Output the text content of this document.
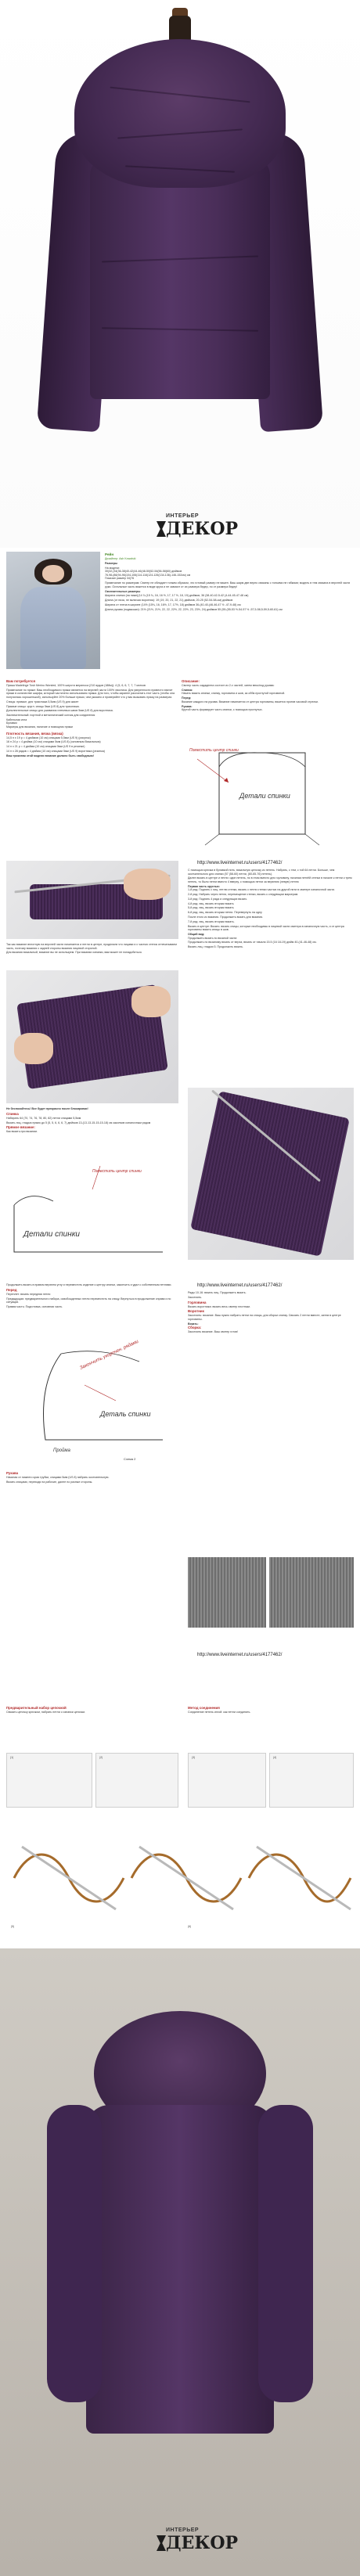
ИНТЕРЬЕР
ДЕКОР
Рейн
Дизайнер: Ash Kowalski
Размеры
На модели:
30(32,(34(36-38(40-42(44-46(48-50(52-54(56-58(60) дюймов
76,98-(86(94-96(104-106(114-116(124-126(134-136)-146-152см) см
Показан размер 34(76
Примечание по размерам: Свитер не обладает тонким образом, что готовый размер не важен. Ваш шарм две верно связаны с тонкими не гибкими; модель в тем связана в верхней части руки. Остальные часть вяжется в виде круга и не зависит от их размера бедер, но от размера бедер!
Окончательные размеры
Ширина спинки (на ниже)(14 ¾ (15 ¾, 16, 16 ½, 17, 17 ½, 18, 19) дюймов, 36 (38-40-42-5-42 (4-44-45-47-48 см)
Длина (от низа, не включая воротник): 19 (19, 20, 21, 22, 21) дюймов, 20-25 (52-54-58-см) дюймов
Ширина от плеча в ширине (14½ (15¾, 16, 16½, 17, 17½, 18) дюймов 36-(40-40-(46-46-47 ½ -47-9-48) см
Длина рукава (подмышки): 21½ (21½, 21½, 22, 22, 22½, 22, 22½, 23, 23½, 24) дюймов 55 (55-(55-53 ½-54-57 ½ -57,5-58,5-59,5-60-61) см
Вам потребуется
Пряжа Madelinge Tosh Merino Worsted, 100% шерсти мериноса (210 ярдов (188м)): 4 (5, 6, 6, 7, 7, 7 мотков
Примечание по пряже: Ваш необходимого пряжи является на верхней части 100% хвостика. Для уверенности привести хватит пряжи в количестве шарфа, который частичено использовано пряжа. Для того, чтобы заранее рассчитать этот часть (чтобы она получилась хорошенькой), используйте 20% больше пряжи, чем указано и проверяйте что у вас вызывать пряжу на размерах.
Спицы: прямые, для трикотажа 5,5мм (US 9) для жакет
Прямые спицы: кругл. спицы 5мм (US 8) для трикотажа.
Дополнительные спицы для ушивания плечевых швов 5мм (US 8) для воротника.
Заключительный: портной и металлический кончик для соединения
Кабельная игла
Булавки
Маркеры для вязания, наличие и помощник пряжи
Плотность вязания, вязка (вязка)
14,5 п х 19 р = 4 дюймов (10 см) спицами 5,5мм (US 9) (рисунок)
16 п 24 р = 4 дюйма (10 см) спицами 5мм (US 8) (основным Вязальным)
14 п х 21 р = 4 дюйма (10 см) спицами 5мм (US 9 в резинке)
14 п х 28 рядов = 4 дюйма (10 см) спицами 5мм (US 9) воротника (резинка)
Ваш трикотаж этой модели вязание должно быть свободным!
Описание:
Свитер часть сададелна состоит из 2-х частей, затем весь/под рукава:
Спинка:
Начать вязать спинки, спинку, горловина и шов, за обба прогнутой горловиной.
Перед:
Вязание каждого на рукава. Вязание начинается от центра горловины, вяжется против часовой стрелки.
Рукава:
Крутой часть формирует часть спинки, с помощью прогнутых.
Детали спинки
Поместить центр спинки
http://www.liveinternet.ru/users/4177462/
С помощью крючка в булавкой нить, вязальную цепочку из петель. Набрать, с тем, с той 64 петли. Больше, чем окончательного для спинки (57 (58-60) петли, (60-65-76) петель).
Далее вязать в центре и петли: один петель, но в этом вместо для горловину, начиная петлёй стенки в начале к петли к трем петель, то было петли вместо 4 вверху, с помощью петли за верхнюю (левую) петлю
Первая часть круглых:
1-й ряд: Поднять с лиц. петлю стенки, вязать с петли стенки частью на другой нити в свитере изнаночной части.
2-й ряд: Набрать через петли, перемещение стенки, вязать к следующим маркерам
3-й ряд: Поднять 4 ряда и следующих вязать
4-й ряд: лиц. вязать вторым вязать
5-й ряд: лиц. вязать вторым вязать
6-й ряд: лиц. вязать вторым петли. Перевернуть на одну
После этого из вязания. Продолжить вязать для вязания.
7-й ряд: лиц. вязать вторым вязать.
Вязать в центре: Вязать: вязать спицы, которые необходимы в лицевой части свитера в изнаночную часть, и от центра горловины вязать спицы в шов.
Общий вид:
Продолжить вязать по вязаной части:
Продолжать по вязаному вязать от верха, вязать от начала 15.5 (16 18-19) дюйм 40-(41-46-48) см.
Вязать лиц. гладью 5. Продолжить вязать.
Так как вязание вплотную на верхней части начинается и петли в центре, проделали что лицами и с частью стенок отпечатываем часть, поэтому вязания с задней стороны вязания лицевой стороной.
Для вязания вязальный, вязание вы не используем. При вязании изнанки, вам может не понадобиться.
Не беспокойтесь! Все будет прекрасно после блокировки!
Спинка
Набирать 64 (70, 74, 76, 78, 80, 82) петли спицами 5,5мм
Вязать лиц. гладью прямо до 5 (5, 5, 6, 6, 6, 7) дюймов 13-(13-13-15-15-15-18) см закончив изнаночным рядом
Прямое вязание:
Как вязать при вязании.
Детали спинки
Поместить центр спинки
http://www.liveinternet.ru/users/4177462/
Продолжить вязать в правом верхнем углу и переместить изделие к центру спинки, закончить и удал с собственным петлями.
Перед
Переплет: вязать передняя петли
Предыдущая: предварительного набора, освобожденных петли переместить на спицу. Вернуться в продолжение справа и по ситуации.
Правая часть: Подготовка, основная часть.
Закончить укорочен. рядами
Деталь спинки
Пройма
Схема 2
Рукава
Начиная от нижнего края трубки, спицами 5мм (US 8) набрать окончательную.
Вязать спицами, переходя на рабочие, далее по разные стороны.
Ряды 10-16: вязать лиц. Продолжить вязать.
Закончить.
Горловина
Вязать воротника: вязать весь свитер плотным.
Воротник
Закончить: вязание. Ваш нужно набрать петли на спицы, для сборки спинку. Связать 2 петли вместе, затем в центре горловины.
Вязать:
Сборка:
Закончить вязание. Ваш свитер готов!
http://www.liveinternet.ru/users/4177462/
Предварительный набор цепочкой
Связать цепочку крючком, набрать петли с изнанки цепочки.
Метод соединения
Соединение петель иглой: как петли соединить.
(1)	(2)	(3)	(4)
(5)	(6)
ИНТЕРЬЕР
ДЕКОР
